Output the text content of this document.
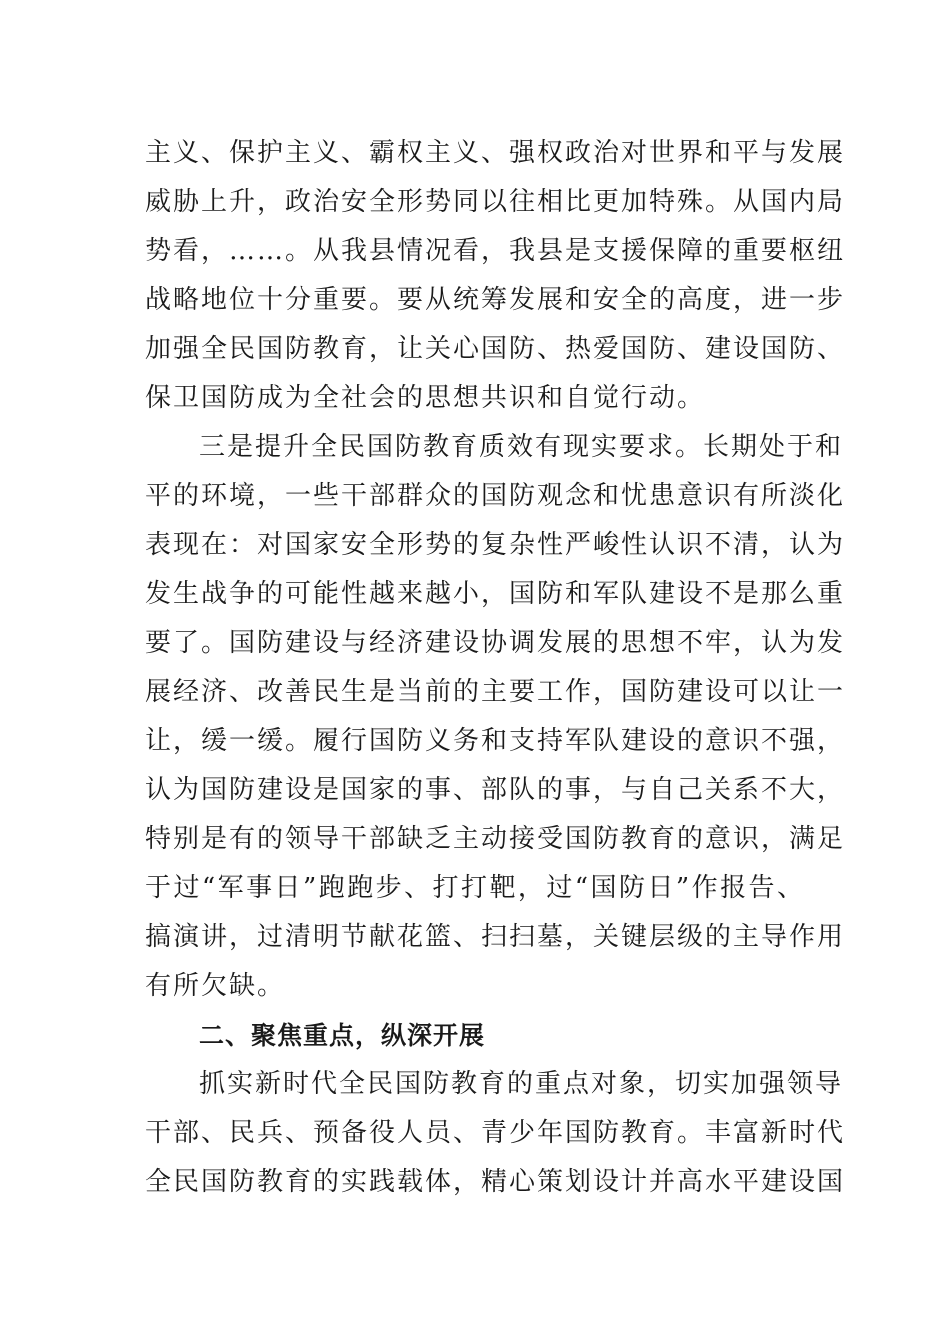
主义、保护主义、霸权主义、强权政治对世界和平与发展
威胁上升，政治安全形势同以往相比更加特殊。从国内局
势看，……。从我县情况看，我县是支援保障的重要枢纽
战略地位十分重要。要从统筹发展和安全的高度，进一步
加强全民国防教育，让关心国防、热爱国防、建设国防、
保卫国防成为全社会的思想共识和自觉行动。
三是提升全民国防教育质效有现实要求。长期处于和
平的环境，一些干部群众的国防观念和忧患意识有所淡化
表现在：对国家安全形势的复杂性严峻性认识不清，认为
发生战争的可能性越来越小，国防和军队建设不是那么重
要了。国防建设与经济建设协调发展的思想不牢，认为发
展经济、改善民生是当前的主要工作，国防建设可以让一
让，缓一缓。履行国防义务和支持军队建设的意识不强，
认为国防建设是国家的事、部队的事，与自己关系不大，
特别是有的领导干部缺乏主动接受国防教育的意识，满足
于过“军事日”跑跑步、打打靶，过“国防日”作报告、
搞演讲，过清明节献花篮、扫扫墓，关键层级的主导作用
有所欠缺。
二、聚焦重点，纵深开展
抓实新时代全民国防教育的重点对象，切实加强领导
干部、民兵、预备役人员、青少年国防教育。丰富新时代
全民国防教育的实践载体，精心策划设计并高水平建设国
